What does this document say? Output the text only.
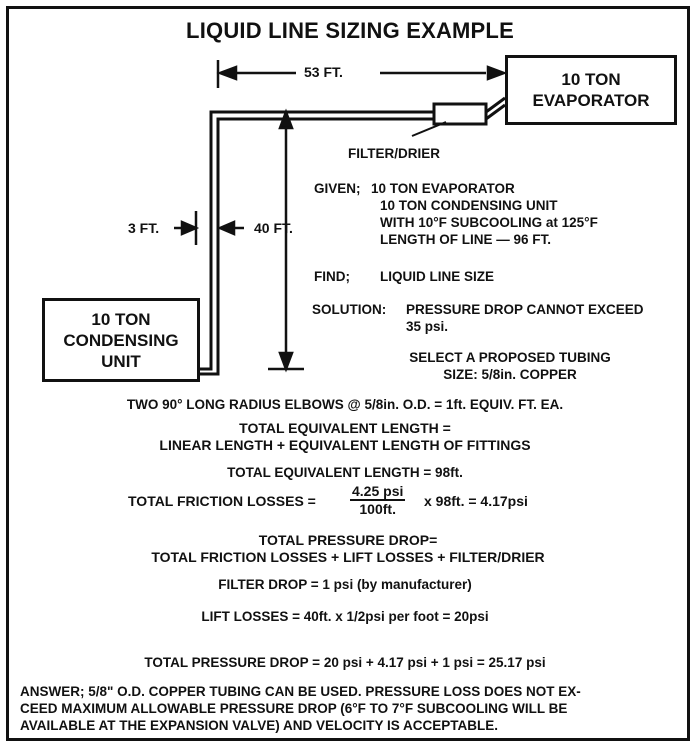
LIQUID LINE SIZING EXAMPLE
10 TON
EVAPORATOR
10 TON
CONDENSING
UNIT
53 FT.
40 FT.
3 FT.
FILTER/DRIER
GIVEN; 10 TON EVAPORATOR
10 TON CONDENSING UNIT
WITH 10°F SUBCOOLING at 125°F
LENGTH OF LINE — 96 FT.
FIND; LIQUID LINE SIZE
SOLUTION: PRESSURE DROP CANNOT EXCEED
35 psi.
SELECT A PROPOSED TUBING
SIZE: 5/8in. COPPER
TWO 90° LONG RADIUS ELBOWS @ 5/8in. O.D. = 1ft. EQUIV. FT. EA.
TOTAL EQUIVALENT LENGTH =
LINEAR LENGTH + EQUIVALENT LENGTH OF FITTINGS
TOTAL EQUIVALENT LENGTH = 98ft.
TOTAL FRICTION LOSSES =
4.25 psi
100ft.	x 98ft. = 4.17psi
TOTAL PRESSURE DROP=
TOTAL FRICTION LOSSES + LIFT LOSSES + FILTER/DRIER
FILTER DROP = 1 psi (by manufacturer)
LIFT LOSSES = 40ft. x 1/2psi per foot = 20psi
TOTAL PRESSURE DROP = 20 psi + 4.17 psi + 1 psi = 25.17 psi
ANSWER; 5/8" O.D. COPPER TUBING CAN BE USED. PRESSURE LOSS DOES NOT EX-
CEED MAXIMUM ALLOWABLE PRESSURE DROP (6°F TO 7°F SUBCOOLING WILL BE
AVAILABLE AT THE EXPANSION VALVE) AND VELOCITY IS ACCEPTABLE.
